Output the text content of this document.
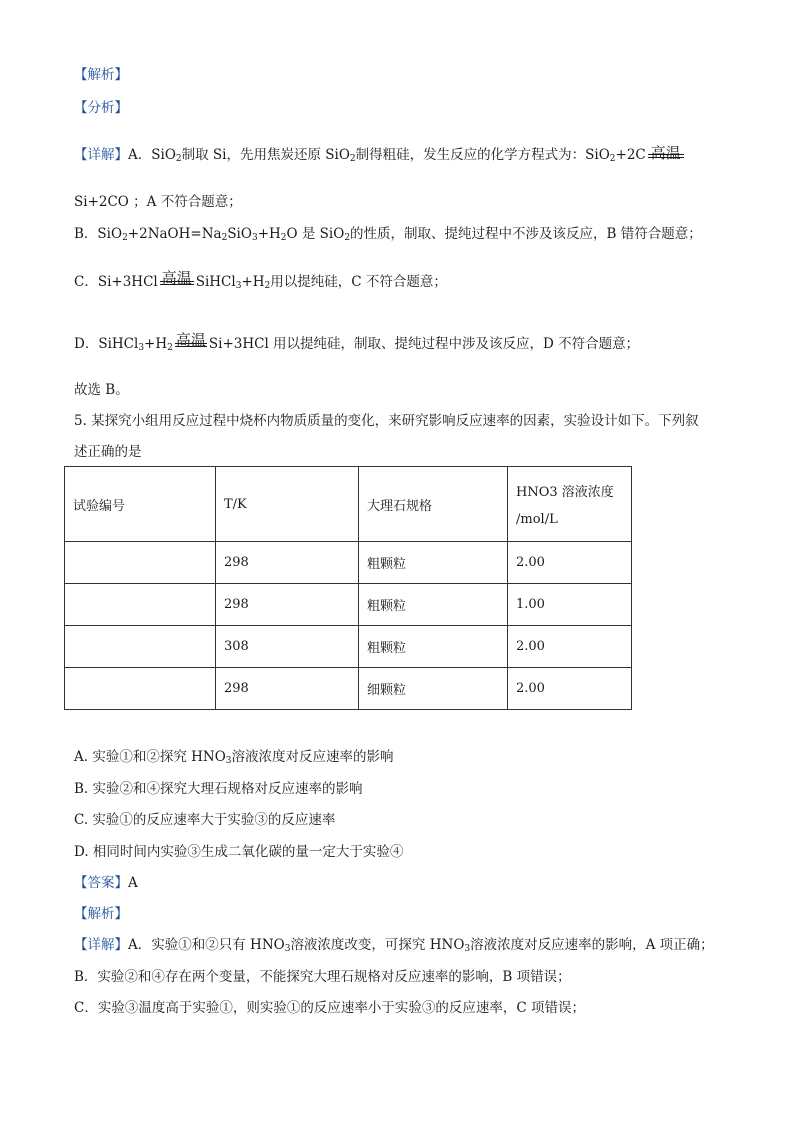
【解析】
【分析】
【详解】A．SiO$_2$制取 Si，先用焦炭还原 SiO$_2$制得粗硅，发生反应的化学方程式为：SiO$_2$+2C 高温
Si+2CO ；A 不符合题意；
B．$SiO_2+2NaOH=Na_2SiO_3+H_2O$ 是 SiO$_2$的性质，制取、提纯过程中不涉及该反应，B 错符合题意；
C．Si+3HCl 高温 $SiHCl_3+H_2$用以提纯硅，C 不符合题意；
D．$SiHCl_3+H_2$ 高温 Si+3HCl 用以提纯硅，制取、提纯过程中涉及该反应，D 不符合题意；
故选 B。
5. 某探究小组用反应过程中烧杯内物质质量的变化，来研究影响反应速率的因素，实验设计如下。下列叙
述正确的是
试验编号	T/K	大理石规格	HNO3 溶液浓度
/mol/L

	298	粗颗粒	2.00
	298	粗颗粒	1.00
	308	粗颗粒	2.00
	298	细颗粒	2.00
A. 实验①和②探究 $HNO_3$溶液浓度对反应速率的影响
B. 实验②和④探究大理石规格对反应速率的影响
C. 实验①的反应速率大于实验③的反应速率
D. 相同时间内实验③生成二氧化碳的量一定大于实验④
【答案】A
【解析】
【详解】A．实验①和②只有 $HNO_3$溶液浓度改变，可探究 $HNO_3$溶液浓度对反应速率的影响，A 项正确；
B．实验②和④存在两个变量，不能探究大理石规格对反应速率的影响，B 项错误；
C．实验③温度高于实验①，则实验①的反应速率小于实验③的反应速率，C 项错误；
